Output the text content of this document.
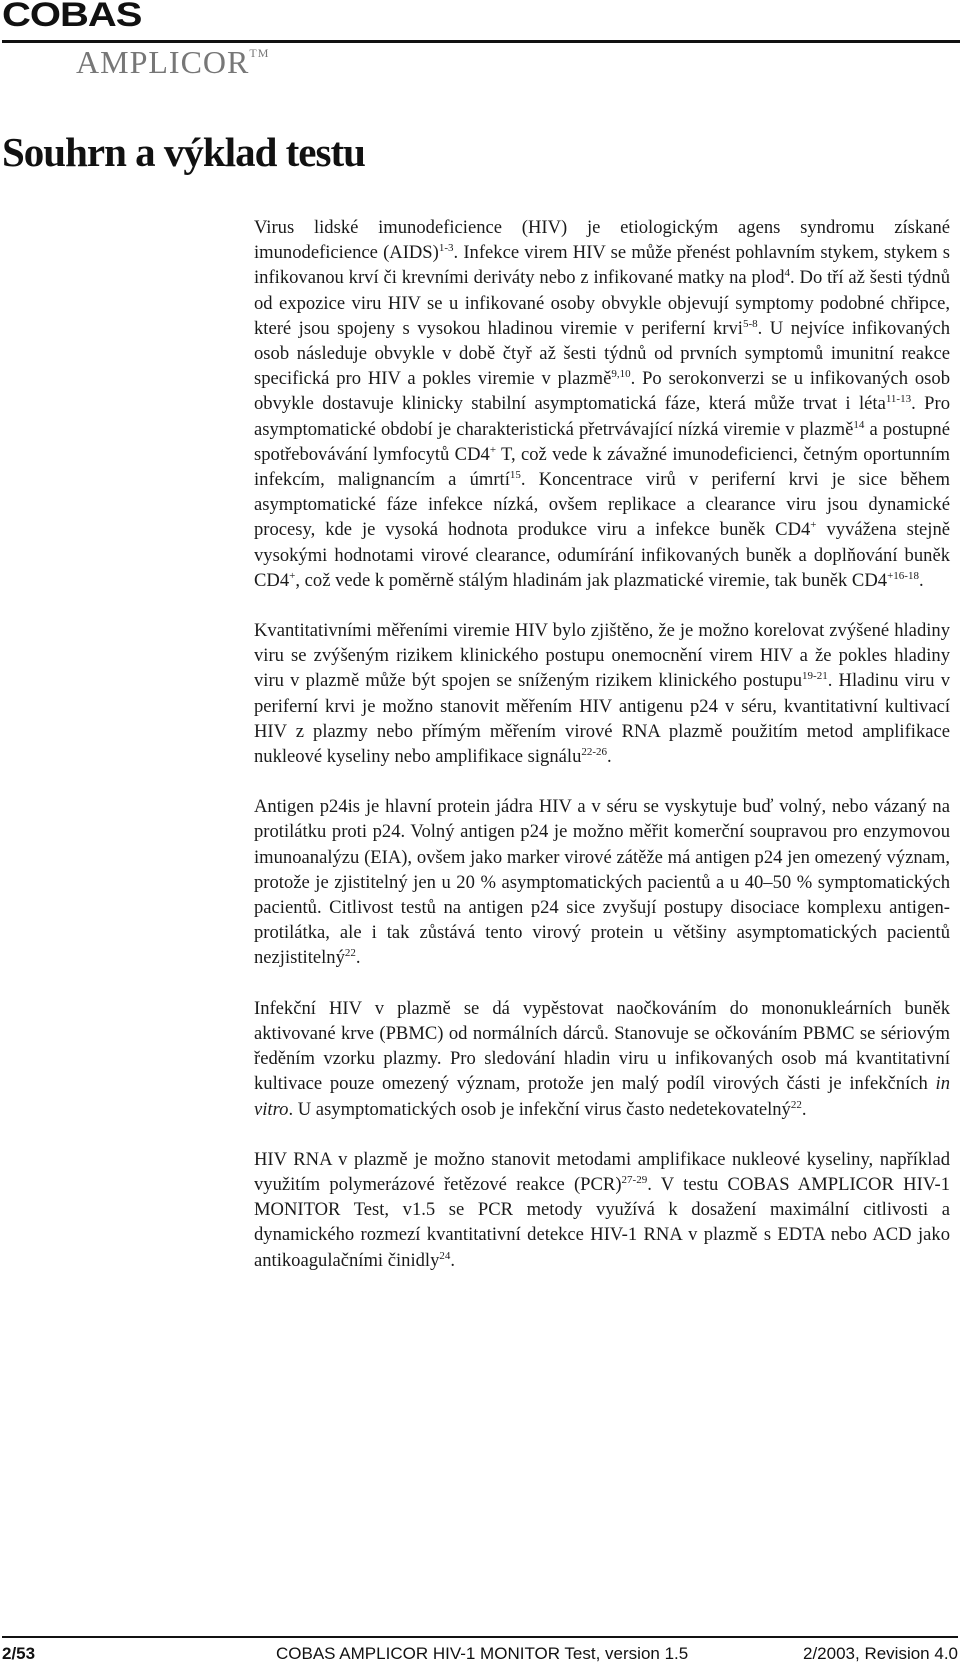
COBAS
AMPLICOR™
Souhrn a výklad testu

Virus lidské imunodeficience (HIV) je etiologickým agens syndromu získané imunodeficience (AIDS)$^{1-3}$. Infekce virem HIV se může přenést pohlavním stykem, stykem s infikovanou krví či krevními deriváty nebo z infikované matky na plod$^4$. Do tří až šesti týdnů od expozice viru HIV se u infikované osoby obvykle objevují symptomy podobné chřipce, které jsou spojeny s vysokou hladinou viremie v periferní krvi$^{5-8}$. U nejvíce infikovaných osob následuje obvykle v době čtyř až šesti týdnů od prvních symptomů imunitní reakce specifická pro HIV a pokles viremie v plazmě$^{9,10}$. Po serokonverzi se u infikovaných osob obvykle dostavuje klinicky stabilní asymptomatická fáze, která může trvat i léta$^{11-13}$. Pro asymptomatické období je charakteristická přetrvávající nízká viremie v plazmě$^{14}$ a postupné spotřebovávání lymfocytů CD4+ T, což vede k závažné imunodeficienci, četným oportunním infekcím, malignancím a úmrtí$^{15}$. Koncentrace virů v periferní krvi je sice během asymptomatické fáze infekce nízká, ovšem replikace a clearance viru jsou dynamické procesy, kde je vysoká hodnota produkce viru a infekce buněk CD4+ vyvážena stejně vysokými hodnotami virové clearance, odumírání infikovaných buněk a doplňování buněk CD4+, což vede k poměrně stálým hladinám jak plazmatické viremie, tak buněk $CD4^{+16-18}$.

Kvantitativními měřeními viremie HIV bylo zjištěno, že je možno korelovat zvýšené hladiny viru se zvýšeným rizikem klinického postupu onemocnění virem HIV a že pokles hladiny viru v plazmě může být spojen se sníženým rizikem klinického postupu$^{19-21}$. Hladinu viru v periferní krvi je možno stanovit měřením HIV antigenu p24 v séru, kvantitativní kultivací HIV z plazmy nebo přímým měřením virové RNA plazmě použitím metod amplifikace nukleové kyseliny nebo amplifikace signálu$^{22-26}$.

Antigen p24is je hlavní protein jádra HIV a v séru se vyskytuje buď volný, nebo vázaný na protilátku proti p24. Volný antigen p24 je možno měřit komerční soupravou pro enzymovou imunoanalýzu (EIA), ovšem jako marker virové zátěže má antigen p24 jen omezený význam, protože je zjistitelný jen u 20 % asymptomatických pacientů a u 40–50 % symptomatických pacientů. Citlivost testů na antigen p24 sice zvyšují postupy disociace komplexu antigen-protilátka, ale i tak zůstává tento virový protein u většiny asymptomatických pacientů nezjistitelný$^{22}$.

Infekční HIV v plazmě se dá vypěstovat naočkováním do mononukleárních buněk aktivované krve (PBMC) od normálních dárců. Stanovuje se očkováním PBMC se sériovým ředěním vzorku plazmy. Pro sledování hladin viru u infikovaných osob má kvantitativní kultivace pouze omezený význam, protože jen malý podíl virových části je infekčních in vitro. U asymptomatických osob je infekční virus často nedetekovatelný$^{22}$.

HIV RNA v plazmě je možno stanovit metodami amplifikace nukleové kyseliny, například využitím polymerázové řetězové reakce (PCR)$^{27-29}$. V testu COBAS AMPLICOR HIV-1 MONITOR Test, v1.5 se PCR metody využívá k dosažení maximální citlivosti a dynamického rozmezí kvantitativní detekce HIV-1 RNA v plazmě s EDTA nebo ACD jako antikoagulačními činidly$^{24}$.

2/53	COBAS AMPLICOR HIV-1 MONITOR Test, version 1.5	2/2003, Revision 4.0
